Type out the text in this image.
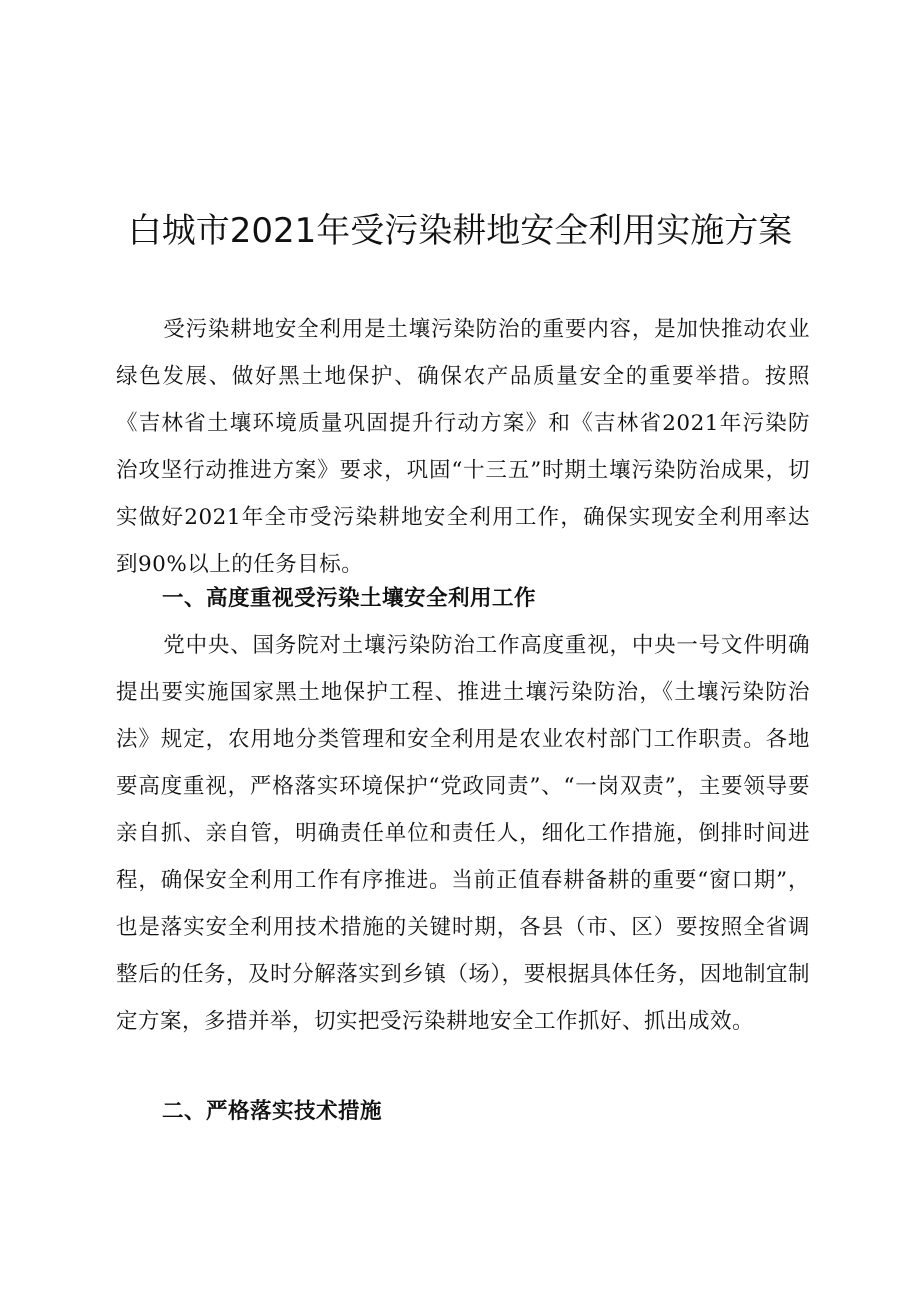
白城市2021年受污染耕地安全利用实施方案

受污染耕地安全利用是土壤污染防治的重要内容，是加快推动农业绿色发展、做好黑土地保护、确保农产品质量安全的重要举措。按照《吉林省土壤环境质量巩固提升行动方案》和《吉林省2021年污染防治攻坚行动推进方案》要求，巩固“十三五”时期土壤污染防治成果，切实做好2021年全市受污染耕地安全利用工作，确保实现安全利用率达到90%以上的任务目标。

一、高度重视受污染土壤安全利用工作

党中央、国务院对土壤污染防治工作高度重视，中央一号文件明确提出要实施国家黑土地保护工程、推进土壤污染防治，《土壤污染防治法》规定，农用地分类管理和安全利用是农业农村部门工作职责。各地要高度重视，严格落实环境保护“党政同责”、“一岗双责”，主要领导要亲自抓、亲自管，明确责任单位和责任人，细化工作措施，倒排时间进程，确保安全利用工作有序推进。当前正值春耕备耕的重要“窗口期”，也是落实安全利用技术措施的关键时期，各县（市、区）要按照全省调整后的任务，及时分解落实到乡镇（场），要根据具体任务，因地制宜制定方案，多措并举，切实把受污染耕地安全工作抓好、抓出成效。

二、严格落实技术措施
